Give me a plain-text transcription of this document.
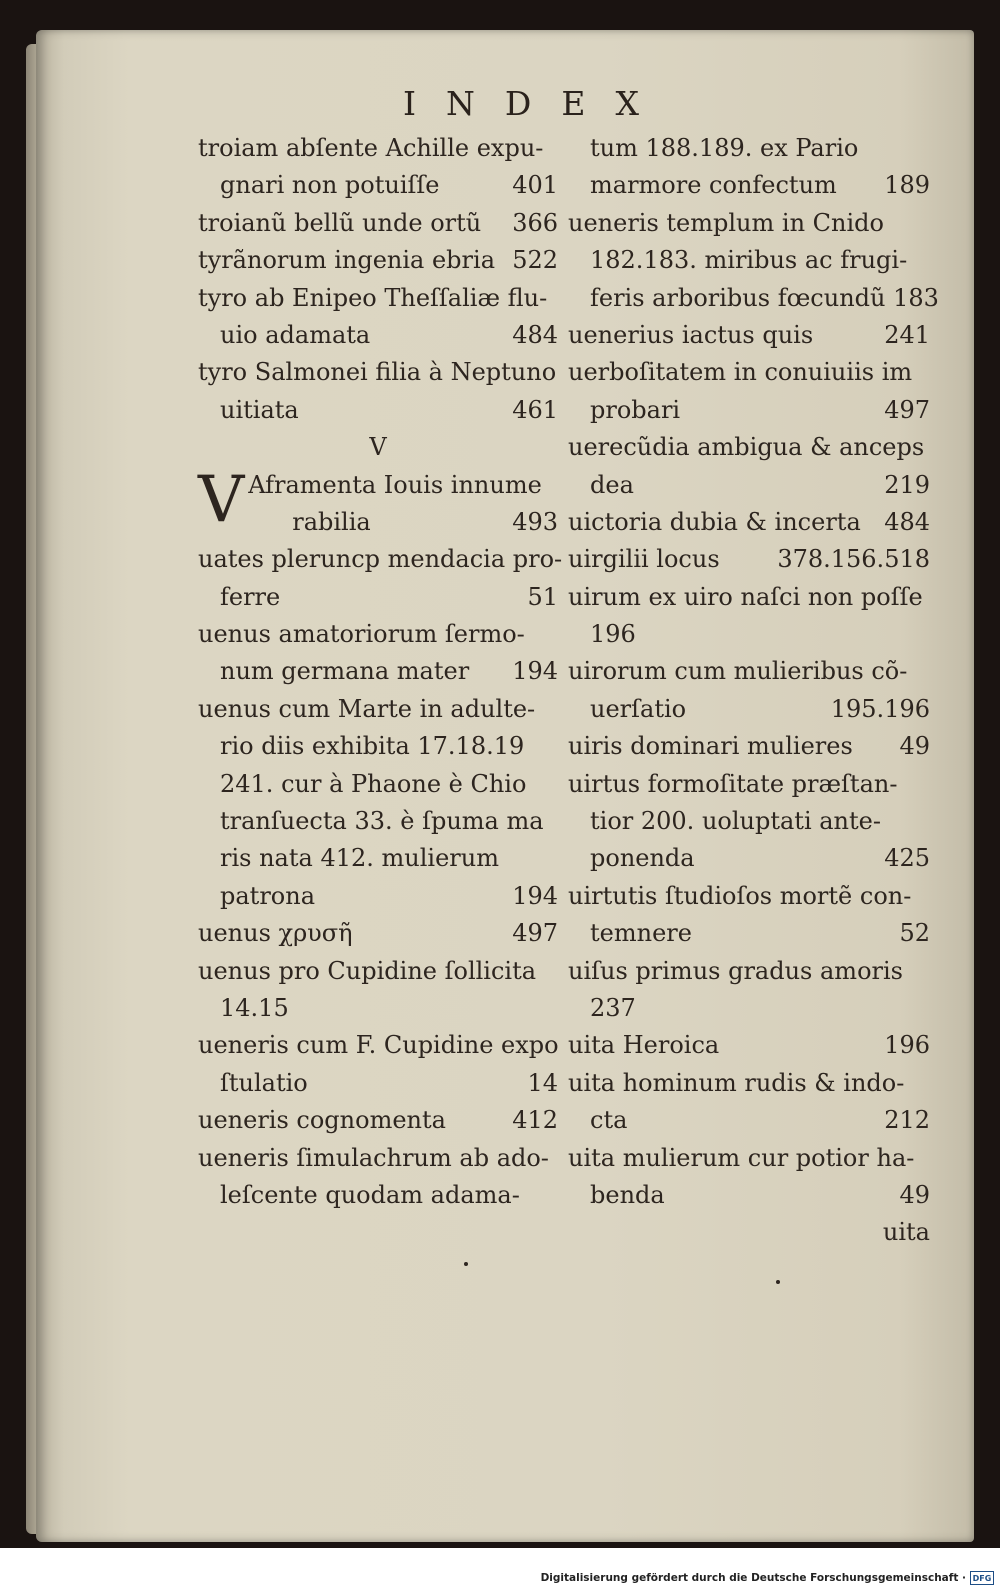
INDEX
troiam abſente Achille expu-
gnari non potuiſſe	401
troianũ bellũ unde ortũ 366
tyrãnorum ingenia ebria 522
tyro ab Enipeo Theſſaliæ flu-
uio adamata	484
tyro Salmonei filia à Neptuno
uitiata	461
V
V Aframenta Iouis innume
rabilia	493
uates pleruncp mendacia pro-
ferre	51
uenus amatoriorum ſermo-
num germana mater 194
uenus cum Marte in adulte-
rio diis exhibita 17.18.19
241. cur à Phaone è Chio
tranſuecta 33. è ſpuma ma
ris nata 412. mulierum
patrona	194
uenus χρυσῆ	497
uenus pro Cupidine ſollicita
14.15
ueneris cum F. Cupidine expo
ſtulatio	14
ueneris cognomenta	412
ueneris ſimulachrum ab ado-
leſcente quodam adama-
tum 188.189. ex Pario
marmore confectum 189
ueneris templum in Cnido
182.183. miribus ac frugi-
feris arboribus fœcundũ 183
uenerius iactus quis	241
uerboſitatem in conuiuiis im
probari	497
uerecũdia ambigua & anceps
dea	219
uictoria dubia & incerta 484
uirgilii locus 378.156.518
uirum ex uiro naſci non poſſe
196
uirorum cum mulieribus cõ-
uerſatio	195.196
uiris dominari mulieres 49
uirtus formoſitate præſtan-
tior 200. uoluptati ante-
ponenda	425
uirtutis ſtudioſos mortẽ con-
temnere	52
uiſus primus gradus amoris
237
uita Heroica	196
uita hominum rudis & indo-
cta	212
uita mulierum cur potior ha-
benda	49
uita
Digitalisierung gefördert durch die Deutsche Forschungsgemeinschaft · DFG
